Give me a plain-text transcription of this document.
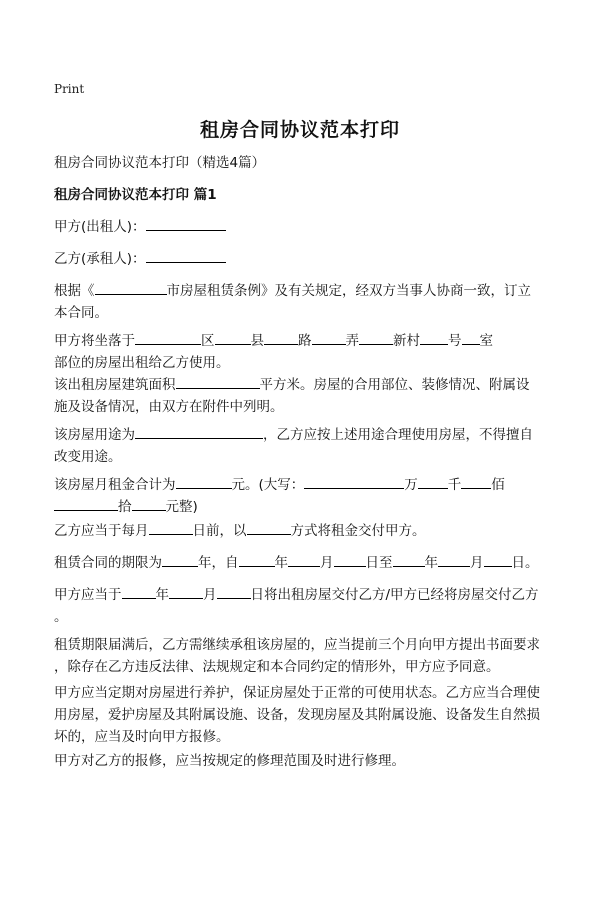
Print
租房合同协议范本打印
租房合同协议范本打印（精选4篇）
租房合同协议范本打印 篇1
甲方(出租人)：
乙方(承租人)：
根据《	市房屋租赁条例》及有关规定，经双方当事人协商一致，订立
本合同。
甲方将坐落于	区	县	路	弄	新村 号 室
部位的房屋出租给乙方使用。
该出租房屋建筑面积	平方米。房屋的合用部位、装修情况、附属设
施及设备情况，由双方在附件中列明。
该房屋用途为	，乙方应按上述用途合理使用房屋，不得擅自
改变用途。
该房屋月租金合计为	元。(大写：	万 千 佰
拾	元整)
乙方应当于每月	日前，以	方式将租金交付甲方。
租赁合同的期限为	年，自	年 月 日至 年 月 日。
甲方应当于	年	月	日将出租房屋交付乙方/甲方已经将房屋交付乙方
。
租赁期限届满后，乙方需继续承租该房屋的，应当提前三个月向甲方提出书面要求
，除存在乙方违反法律、法规规定和本合同约定的情形外，甲方应予同意。
甲方应当定期对房屋进行养护，保证房屋处于正常的可使用状态。乙方应当合理使
用房屋，爱护房屋及其附属设施、设备，发现房屋及其附属设施、设备发生自然损
坏的，应当及时向甲方报修。
甲方对乙方的报修，应当按规定的修理范围及时进行修理。
